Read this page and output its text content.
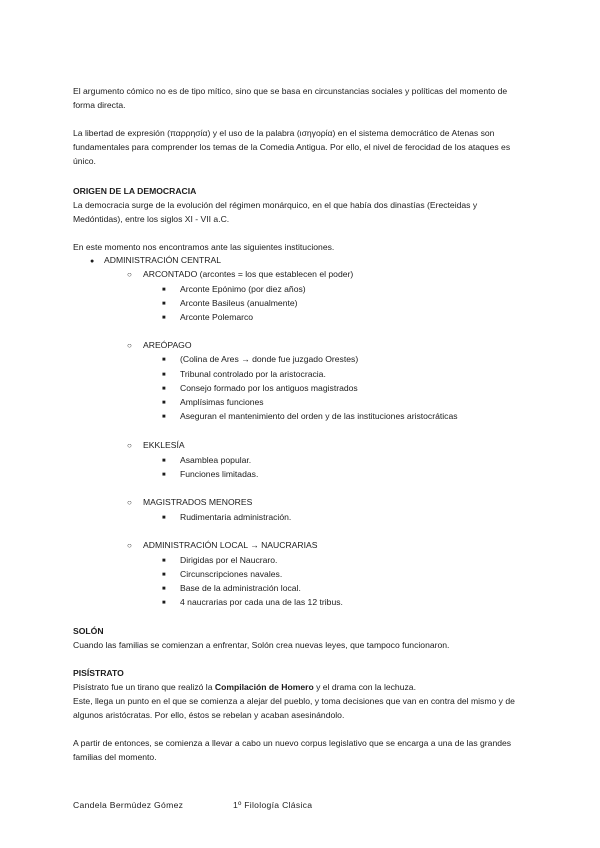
El argumento cómico no es de tipo mítico, sino que se basa en circunstancias sociales y políticas del momento de forma directa.
La libertad de expresión (παρρησία) y el uso de la palabra (ισηγορία) en el sistema democrático de Atenas son fundamentales para comprender los temas de la Comedia Antigua. Por ello, el nivel de ferocidad de los ataques es único.
ORIGEN DE LA DEMOCRACIA
La democracia surge de la evolución del régimen monárquico, en el que había dos dinastías (Erecteidas y Medóntidas), entre los siglos XI - VII a.C.
En este momento nos encontramos ante las siguientes instituciones.
● ADMINISTRACIÓN CENTRAL
○ ARCONTADO (arcontes = los que establecen el poder)
■ Arconte Epónimo (por diez años)
■ Arconte Basileus (anualmente)
■ Arconte Polemarco
○ AREÓPAGO
■ (Colina de Ares → donde fue juzgado Orestes)
■ Tribunal controlado por la aristocracia.
■ Consejo formado por los antiguos magistrados
■ Amplísimas funciones
■ Aseguran el mantenimiento del orden y de las instituciones aristocráticas
○ EKKLESÍA
■ Asamblea popular.
■ Funciones limitadas.
○ MAGISTRADOS MENORES
■ Rudimentaria administración.
○ ADMINISTRACIÓN LOCAL → NAUCRARIAS
■ Dirigidas por el Naucraro.
■ Circunscripciones navales.
■ Base de la administración local.
■ 4 naucrarias por cada una de las 12 tribus.
SOLÓN
Cuando las familias se comienzan a enfrentar, Solón crea nuevas leyes, que tampoco funcionaron.
PISÍSTRATO
Pisístrato fue un tirano que realizó la Compilación de Homero y el drama con la lechuza.
Este, llega un punto en el que se comienza a alejar del pueblo, y toma decisiones que van en contra del mismo y de algunos aristócratas. Por ello, éstos se rebelan y acaban asesinándolo.
A partir de entonces, se comienza a llevar a cabo un nuevo corpus legislativo que se encarga a una de las grandes familias del momento.
Candela Bermúdez Gómez	1º Filología Clásica
